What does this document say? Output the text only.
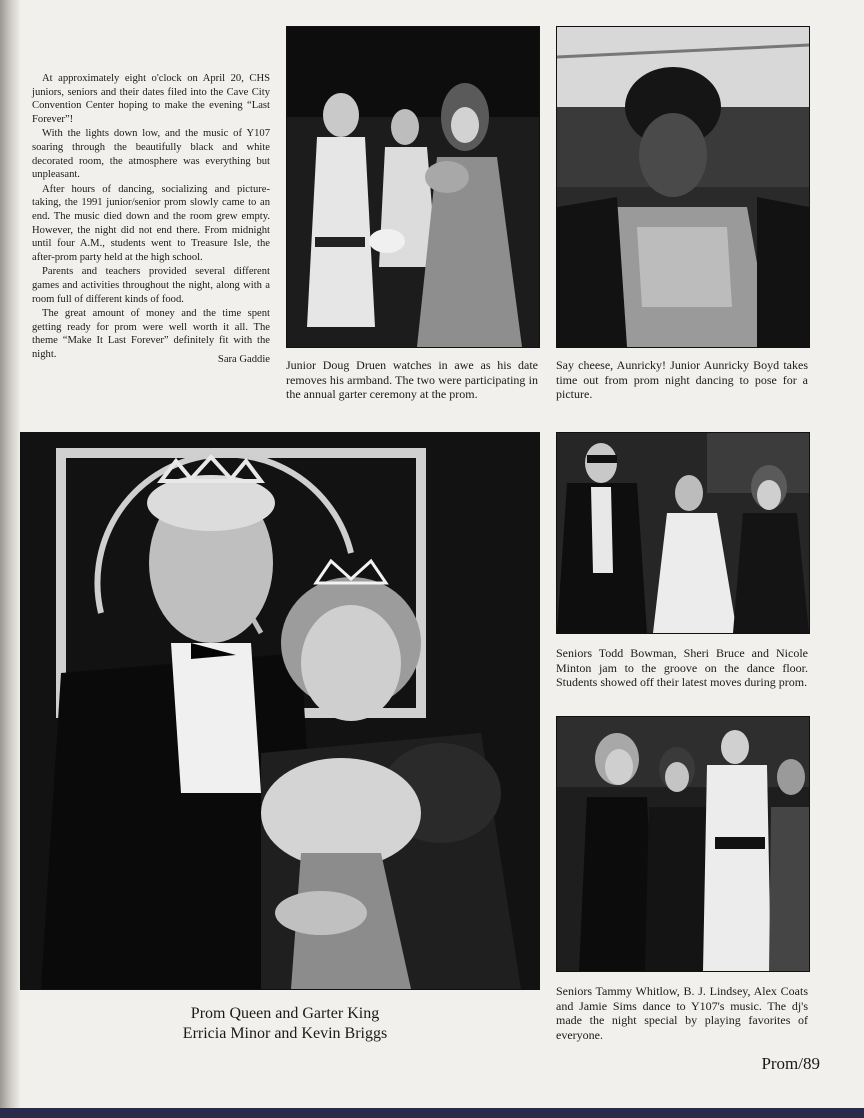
At approximately eight o'clock on April 20, CHS juniors, seniors and their dates filed into the Cave City Convention Center hoping to make the evening “Last Forever”!

With the lights down low, and the music of Y107 soaring through the beautifully black and white decorated room, the atmosphere was everything but unpleasant.

After hours of dancing, socializing and picture-taking, the 1991 junior/senior prom slowly came to an end. The music died down and the room grew empty. However, the night did not end there. From midnight until four A.M., students went to Treasure Isle, the after-prom party held at the high school.

Parents and teachers provided several different games and activities throughout the night, along with a room full of different kinds of food.

The great amount of money and the time spent getting ready for prom were well worth it all. The theme “Make It Last Forever” definitely fit with the night.	Sara Gaddie Junior Doug Druen watches in awe as his date removes his armband. The two were participating in the annual garter ceremony at the prom.
Say cheese, Aunricky! Junior Aunricky Boyd takes time out from prom night dancing to pose for a picture.
Prom Queen and Garter King
Erricia Minor and Kevin Briggs
Seniors Todd Bowman, Sheri Bruce and Nicole Minton jam to the groove on the dance floor. Students showed off their latest moves during prom.
Seniors Tammy Whitlow, B. J. Lindsey, Alex Coats and Jamie Sims dance to Y107's music. The dj's made the night special by playing favorites of everyone.
Prom/89
